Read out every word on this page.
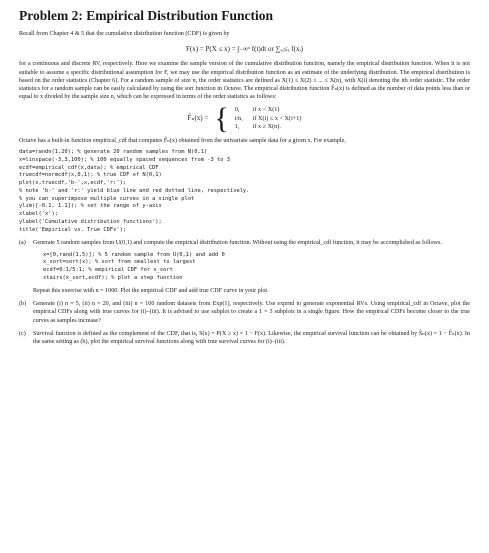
Problem 2: Empirical Distribution Function

Recall from Chapter 4 & 5 that the cumulative distribution function (CDF) is given by

F(x) = P(X ≤ x) = ∫₋∞ˣ f(t)dt or ∑ₓᵢ≤ₓ f(xᵢ)

for a continuous and discrete RV, respectively. Here we examine the sample version of the cumulative distribution function, namely the empirical distribution function. When it is not suitable to assume a specific distributional assumption for F, we may use the empirical distribution function as an estimate of the underlying distribution. The empirical distribution is based on the order statistics (Chapter 6). For a random sample of size n, the order statistics are defined as X(1) ≤ X(2) ≤ ... ≤ X(n), with X(i) denoting the ith order statistic. The order statistics for a random sample can be easily calculated by using the sort function in Octave. The empirical distribution function F̂ₙ(x) is defined as the number of data points less than or equal to x divided by the sample size n, which can be expressed in terms of the order statistics as follows:

F̂ₙ(x) = { 0,	if x < X(1)
i/n, if X(i) ≤ x < X(i+1)
1,	if x ≥ X(n).

Octave has a built-in function empirical_cdf that computes F̂ₙ(x) obtained from the univariate sample data for a given x. For example,

data=randn(1,20); % generate 20 random samples from N(0,1)
x=linspace(-3,3,100); % 100 equally spaced sequences from -3 to 3
ecdf=empirical_cdf(x,data); % empirical CDF
truecdf=normcdf(x,0,1); % true CDF of N(0,1)
plot(x,truecdf,'b-',x,ecdf,'r:');
% note 'b-' and 'r:' yield blue line and red dotted line, respectively.
% you can superimpose multiple curves in a single plot
ylim([-0.1, 1.1]); % set the range of y-axis
xlabel('x');
ylabel('Cumulative distribution functions');
title('Empirical vs. True CDFs');
(a)	Generate 5 random samples from U(0,1) and compute the empirical distribution function. Without using the empirical_cdf function, it may be accomplished as follows.

x=[0,rand(1,5)]; % 5 random sample from U(0,1) and add 0
x_sort=sort(x); % sort from smallest to largest
ecdf=0:1/5:1; % empirical CDF for x_sort
stairs(x_sort,ecdf); % plot a step function

Repeat this exercise with n = 1000. Plot the empirical CDF and add true CDF curve in your plot.

(b)	Generate (i) n = 5, (ii) n = 20, and (iii) n = 100 random datasets from Exp(1), respectively. Use exprnd to generate exponential RVs. Using empirical_cdf in Octave, plot the empirical CDFs along with true curves for (i)–(iii). It is advised to use subplot to create a 1 × 3 subplots in a single figure. How the empirical CDFs become closer to the true curves as samples increase?

(c)	Survival function is defined as the complement of the CDF, that is, S(x) = P(X ≥ x) = 1 − F(x). Likewise, the empirical survival function can be obtained by Ŝₙ(x) = 1 − F̂ₙ(x). In the same setting as (b), plot the empirical survival functions along with true survival curves for (i)–(iii).
